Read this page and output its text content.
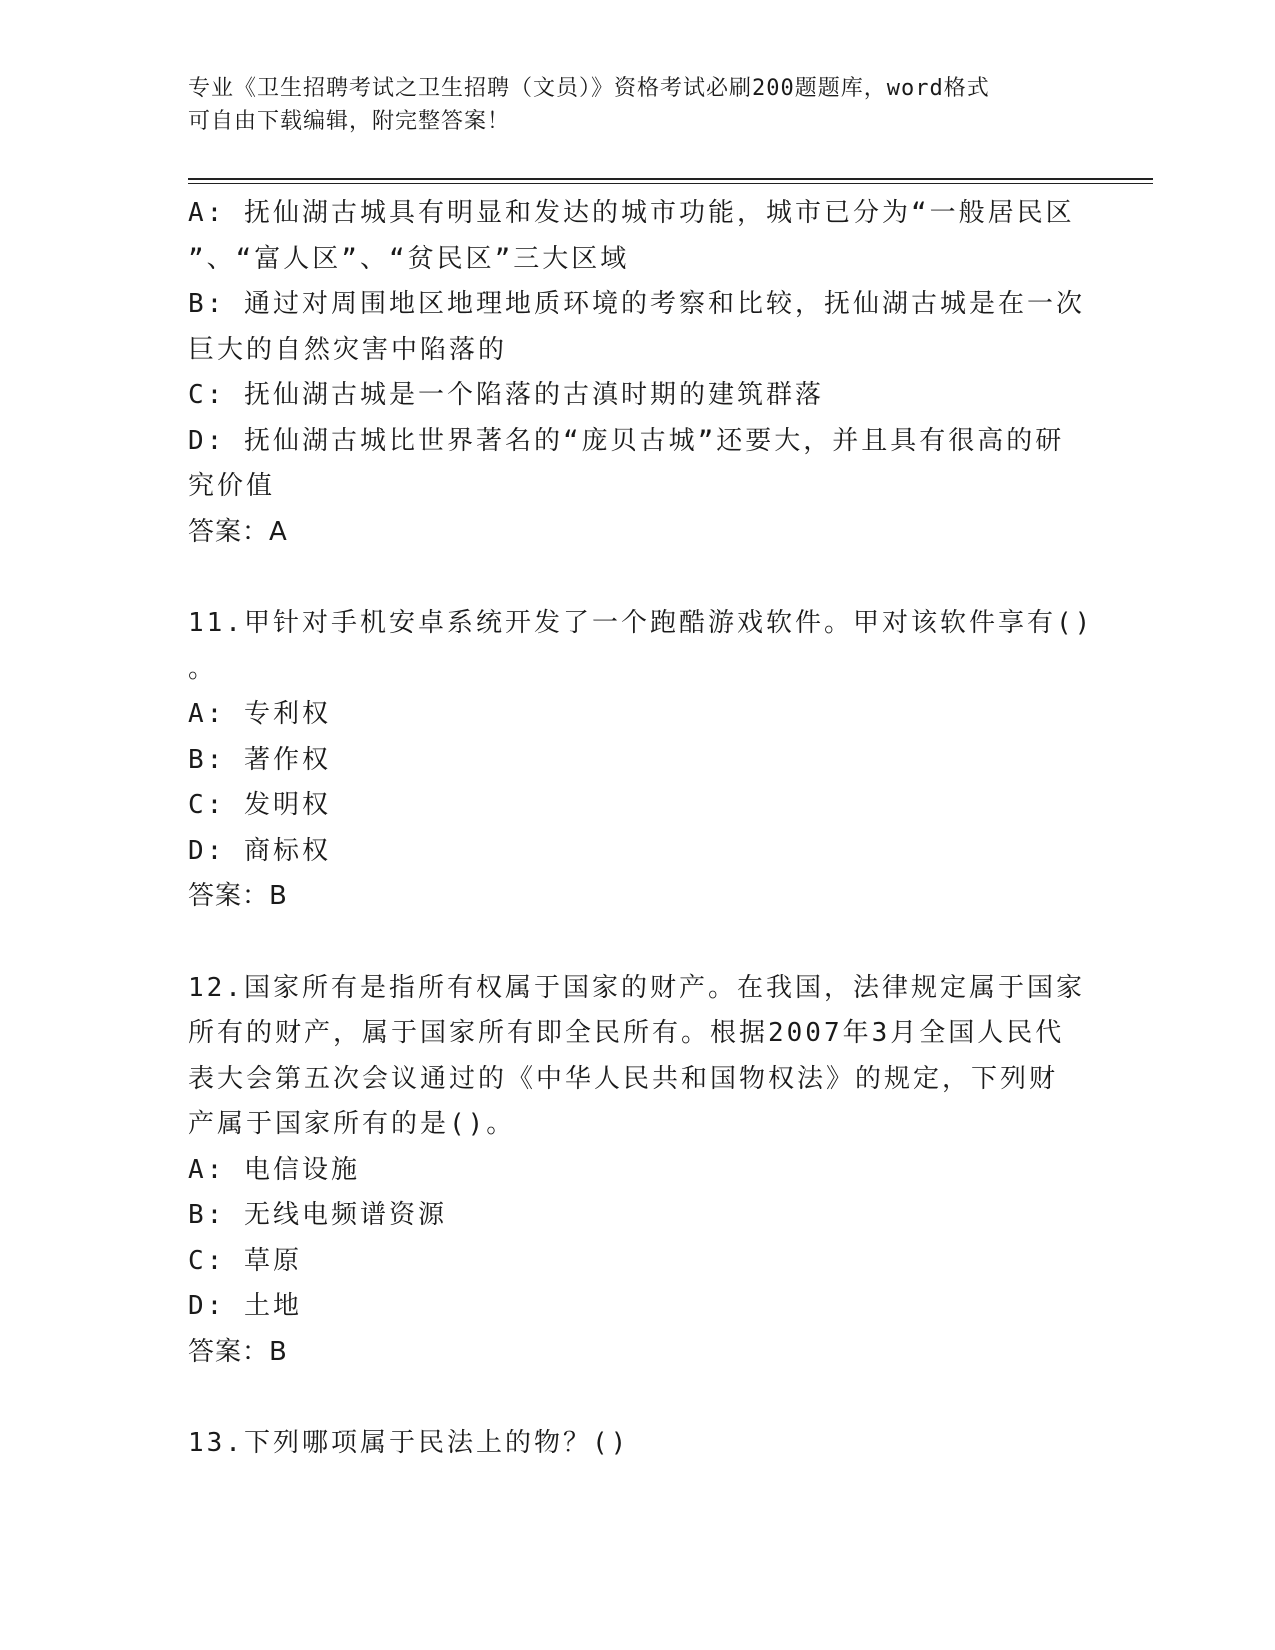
专业《卫生招聘考试之卫生招聘（文员）》资格考试必刷200题题库，word格式
可自由下载编辑，附完整答案！
A: 抚仙湖古城具有明显和发达的城市功能，城市已分为“一般居民区
”、“富人区”、“贫民区”三大区域
B: 通过对周围地区地理地质环境的考察和比较，抚仙湖古城是在一次
巨大的自然灾害中陷落的
C: 抚仙湖古城是一个陷落的古滇时期的建筑群落
D: 抚仙湖古城比世界著名的“庞贝古城”还要大，并且具有很高的研
究价值
答案：A
11.甲针对手机安卓系统开发了一个跑酷游戏软件。甲对该软件享有()
。
A: 专利权
B: 著作权
C: 发明权
D: 商标权
答案：B
12.国家所有是指所有权属于国家的财产。在我国，法律规定属于国家
所有的财产，属于国家所有即全民所有。根据2007年3月全国人民代
表大会第五次会议通过的《中华人民共和国物权法》的规定，下列财
产属于国家所有的是()。
A: 电信设施
B: 无线电频谱资源
C: 草原
D: 土地
答案：B
13.下列哪项属于民法上的物？()
